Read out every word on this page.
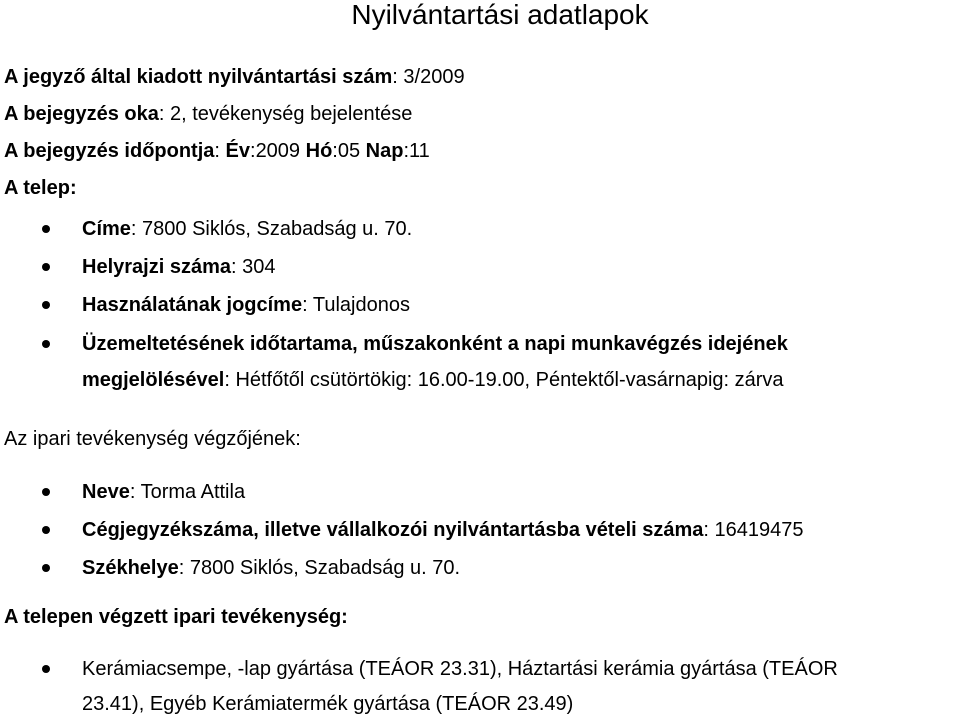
Nyilvántartási adatlapok
A jegyző által kiadott nyilvántartási szám: 3/2009
A bejegyzés oka: 2, tevékenység bejelentése
A bejegyzés időpontja: Év:2009 Hó:05 Nap:11
A telep:
Címe: 7800 Siklós, Szabadság u. 70.
Helyrajzi száma: 304
Használatának jogcíme: Tulajdonos
Üzemeltetésének időtartama, műszakonként a napi munkavégzés idejének
megjelölésével: Hétfőtől csütörtökig: 16.00-19.00, Péntektől-vasárnapig: zárva
Az ipari tevékenység végzőjének:
Neve: Torma Attila
Cégjegyzékszáma, illetve vállalkozói nyilvántartásba vételi száma: 16419475
Székhelye: 7800 Siklós, Szabadság u. 70.
A telepen végzett ipari tevékenység:
Kerámiacsempe, -lap gyártása (TEÁOR 23.31), Háztartási kerámia gyártása (TEÁOR
23.41), Egyéb Kerámiatermék gyártása (TEÁOR 23.49)
